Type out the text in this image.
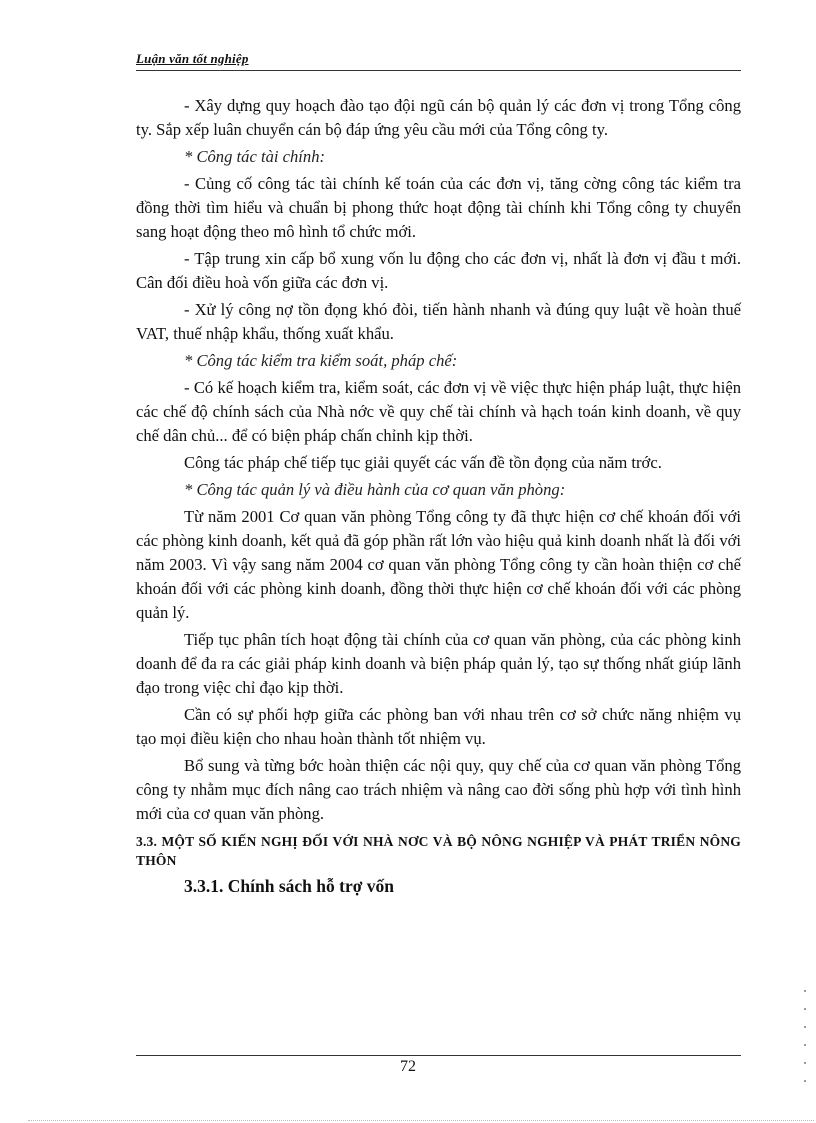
Luận văn tốt nghiệp

- Xây dựng quy hoạch đào tạo đội ngũ cán bộ quản lý các đơn vị trong Tổng công ty. Sắp xếp luân chuyển cán bộ đáp ứng yêu cầu mới của Tổng công ty.

* Công tác tài chính:

- Củng cố công tác tài chính kế toán của các đơn vị, tăng cờng công tác kiểm tra đồng thời tìm hiểu và chuẩn bị phong thức hoạt động tài chính khi Tổng công ty chuyển sang hoạt động theo mô hình tổ chức mới.

- Tập trung xin cấp bổ xung vốn lu động cho các đơn vị, nhất là đơn vị đầu t mới. Cân đối điều hoà vốn giữa các đơn vị.

- Xử lý công nợ tồn đọng khó đòi, tiến hành nhanh và đúng quy luật về hoàn thuế VAT, thuế nhập khẩu, thống xuất khẩu.

* Công tác kiểm tra kiểm soát, pháp chế:

- Có kế hoạch kiểm tra, kiểm soát, các đơn vị về việc thực hiện pháp luật, thực hiện các chế độ chính sách của Nhà nớc về quy chế tài chính và hạch toán kinh doanh, về quy chế dân chủ... để có biện pháp chấn chỉnh kịp thời.

Công tác pháp chế tiếp tục giải quyết các vấn đề tồn đọng của năm trớc.

* Công tác quản lý và điều hành của cơ quan văn phòng:

Từ năm 2001 Cơ quan văn phòng Tổng công ty đã thực hiện cơ chế khoán đối với các phòng kinh doanh, kết quả đã góp phần rất lớn vào hiệu quả kinh doanh nhất là đối với năm 2003. Vì vậy sang năm 2004 cơ quan văn phòng Tổng công ty cần hoàn thiện cơ chế khoán đối với các phòng kinh doanh, đồng thời thực hiện cơ chế khoán đối với các phòng quản lý.

Tiếp tục phân tích hoạt động tài chính của cơ quan văn phòng, của các phòng kinh doanh để đa ra các giải pháp kinh doanh và biện pháp quản lý, tạo sự thống nhất giúp lãnh đạo trong việc chỉ đạo kịp thời.

Cần có sự phối hợp giữa các phòng ban với nhau trên cơ sở chức năng nhiệm vụ tạo mọi điều kiện cho nhau hoàn thành tốt nhiệm vụ.

Bổ sung và từng bớc hoàn thiện các nội quy, quy chế của cơ quan văn phòng Tổng công ty nhằm mục đích nâng cao trách nhiệm và nâng cao đời sống phù hợp với tình hình mới của cơ quan văn phòng.

3.3. MỘT SỐ KIẾN NGHỊ ĐỐI VỚI NHÀ NƠC VÀ BỘ NÔNG NGHIỆP VÀ PHÁT TRIỂN NÔNG THÔN
3.3.1. Chính sách hỗ trợ vốn
72
